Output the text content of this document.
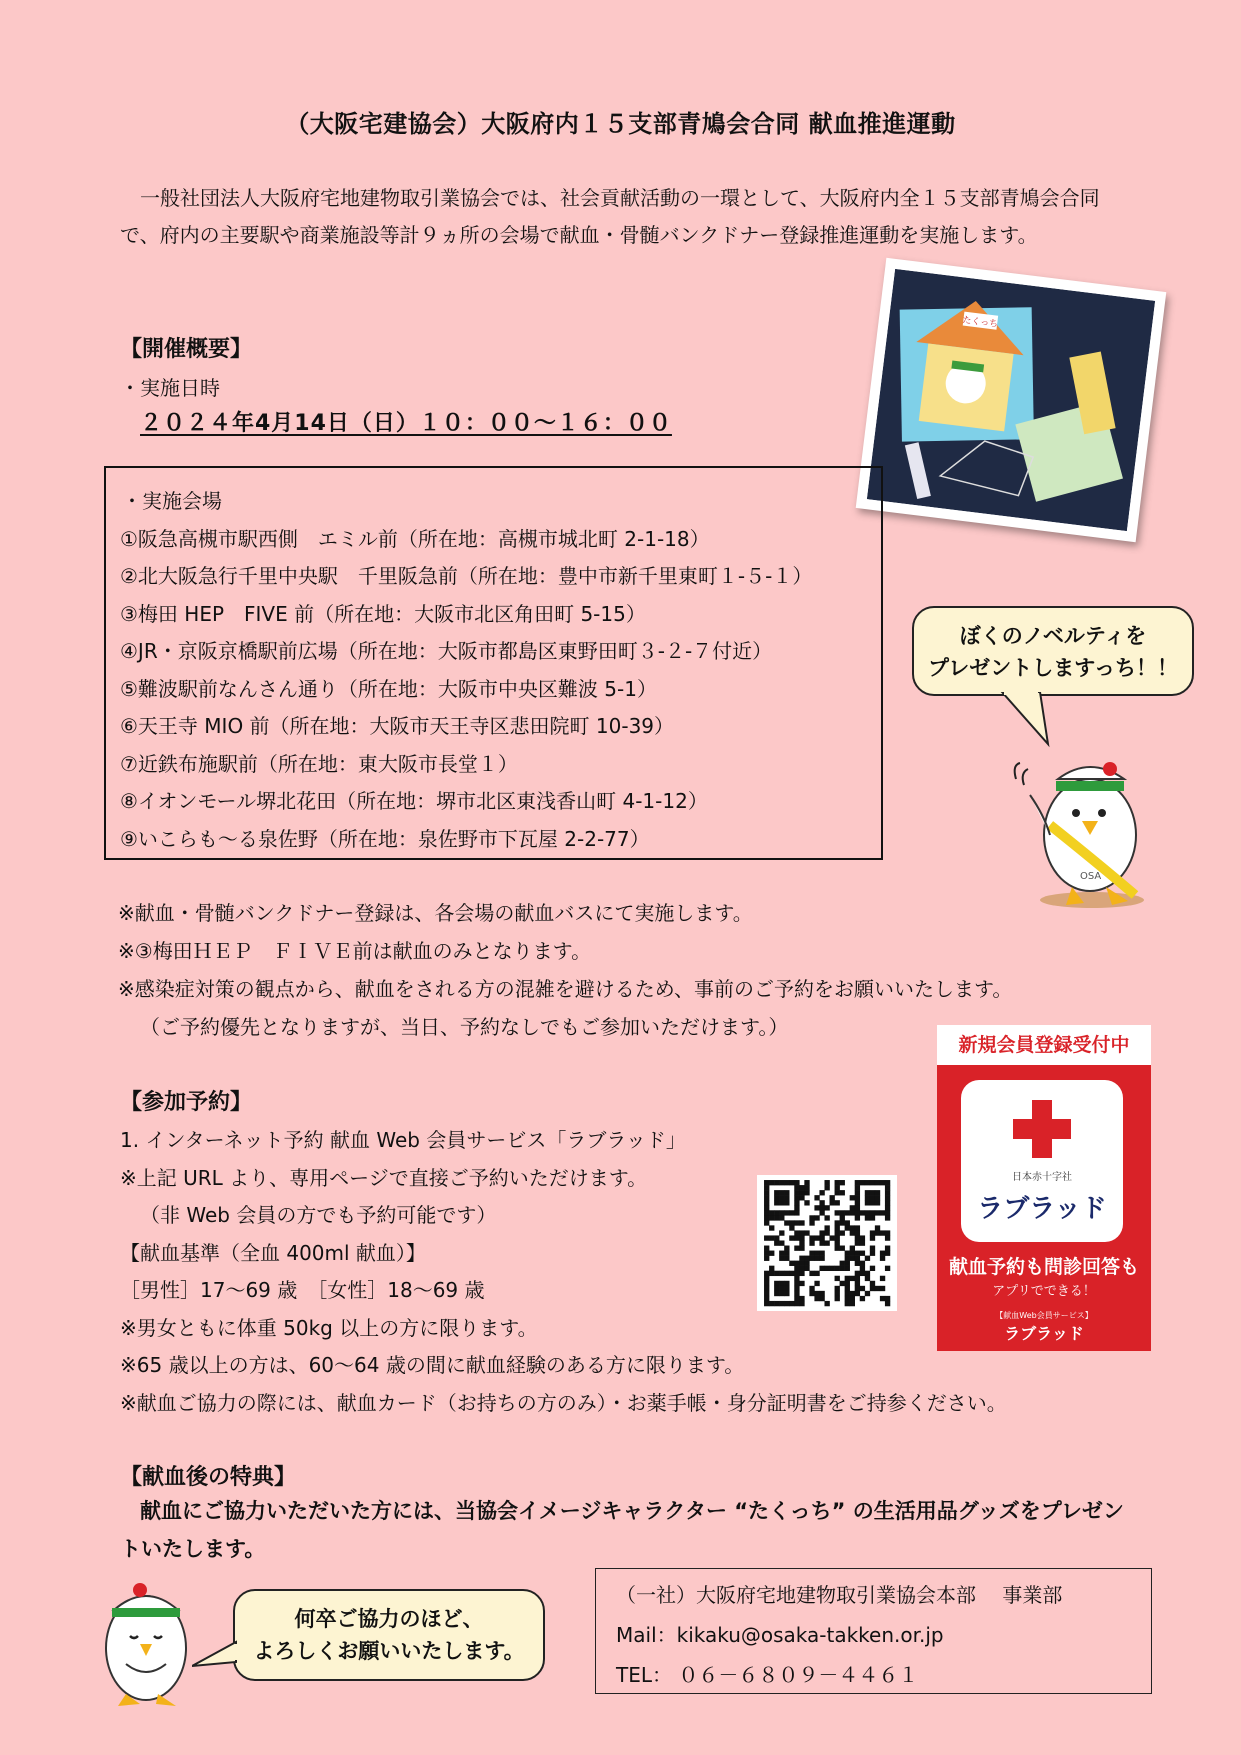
（大阪宅建協会）大阪府内１５支部青鳩会合同 献血推進運動
一般社団法人大阪府宅地建物取引業協会では、社会貢献活動の一環として、大阪府内全１５支部青鳩会合同で、府内の主要駅や商業施設等計９ヵ所の会場で献血・骨髄バンクドナー登録推進運動を実施します。
【開催概要】
・実施日時
２０２４年4月14日（日）１０：００～１６：００
たくっち
・実施会場
①阪急高槻市駅西側　エミル前（所在地：高槻市城北町 2-1-18）
②北大阪急行千里中央駅　千里阪急前（所在地：豊中市新千里東町１-５-１）
③梅田 HEP　FIVE 前（所在地：大阪市北区角田町 5-15）
④JR・京阪京橋駅前広場（所在地：大阪市都島区東野田町３-２-７付近）
⑤難波駅前なんさん通り（所在地：大阪市中央区難波 5-1）
⑥天王寺 MIO 前（所在地：大阪市天王寺区悲田院町 10-39）
⑦近鉄布施駅前（所在地：東大阪市長堂１）
⑧イオンモール堺北花田（所在地：堺市北区東浅香山町 4-1-12）
⑨いこらも～る泉佐野（所在地：泉佐野市下瓦屋 2-2-77）
ぼくのノベルティを
プレゼントしますっち！！
OSA
※献血・骨髄バンクドナー登録は、各会場の献血バスにて実施します。
※③梅田ＨＥＰ　ＦＩＶＥ前は献血のみとなります。
※感染症対策の観点から、献血をされる方の混雑を避けるため、事前のご予約をお願いいたします。
（ご予約優先となりますが、当日、予約なしでもご参加いただけます。）
【参加予約】
1. インターネット予約 献血 Web 会員サービス「ラブラッド」
※上記 URL より、専用ページで直接ご予約いただけます。
（非 Web 会員の方でも予約可能です）
【献血基準（全血 400ml 献血）】
［男性］17～69 歳　［女性］18～69 歳
※男女ともに体重 50kg 以上の方に限ります。
※65 歳以上の方は、60～64 歳の間に献血経験のある方に限ります。
※献血ご協力の際には、献血カード（お持ちの方のみ）・お薬手帳・身分証明書をご持参ください。
新規会員登録受付中
日本赤十字社
ラブラッド
献血予約も問診回答も
アプリでできる！
【献血Web会員サービス】
ラブラッド
【献血後の特典】
献血にご協力いただいた方には、当協会イメージキャラクター “たくっち” の生活用品グッズをプレゼントいたします。
何卒ご協力のほど、
よろしくお願いいたします。
（一社）大阪府宅地建物取引業協会本部　 事業部
Mail：kikaku@osaka-takken.or.jp
TEL： ０６－６８０９－４４６１
